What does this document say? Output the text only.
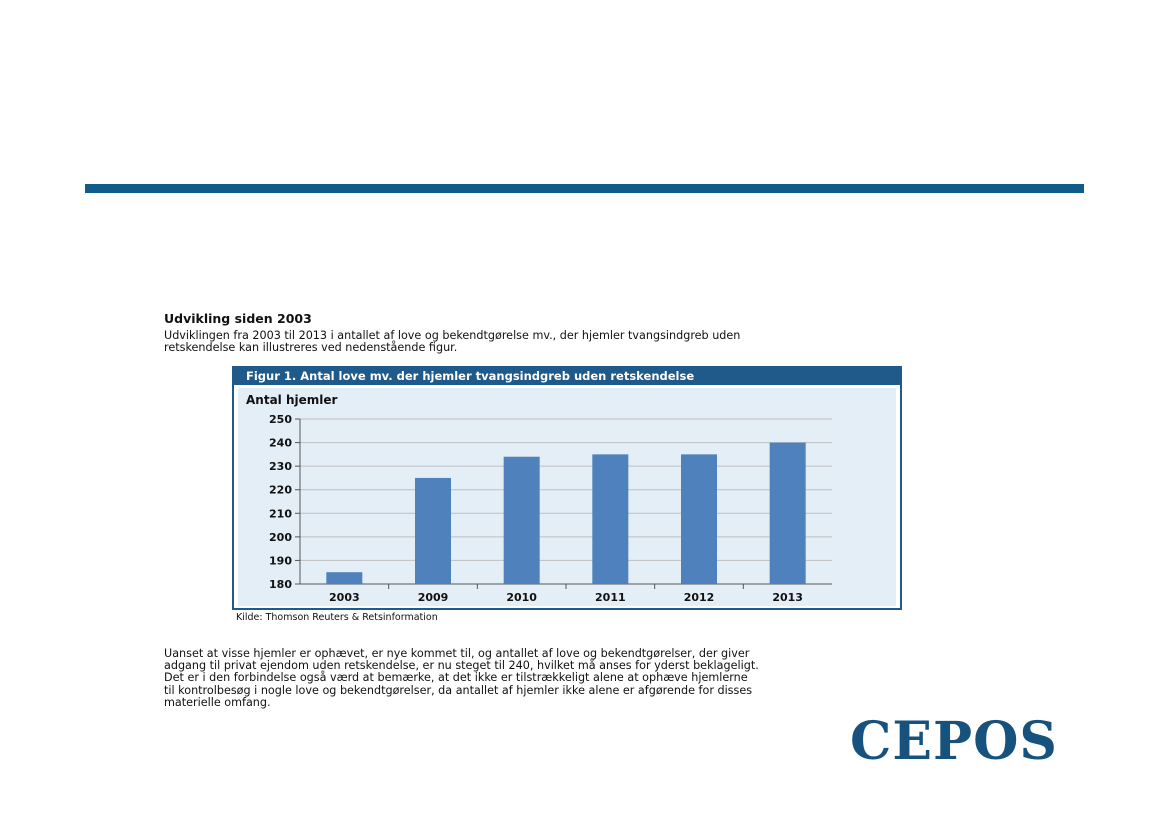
Udvikling siden 2003

Udviklingen fra 2003 til 2013 i antallet af love og bekendtgørelse mv., der hjemler tvangsindgreb uden
retskendelse kan illustreres ved nedenstående figur.

Figur 1. Antal love mv. der hjemler tvangsindgreb uden retskendelse
Antal hjemler
180
190
200
210
220
230
240
250
2003	2009	2010	2011	2012	2013

Kilde: Thomson Reuters & Retsinformation

Uanset at visse hjemler er ophævet, er nye kommet til, og antallet af love og bekendtgørelser, der giver
adgang til privat ejendom uden retskendelse, er nu steget til 240, hvilket må anses for yderst beklageligt.
Det er i den forbindelse også værd at bemærke, at det ikke er tilstrækkeligt alene at ophæve hjemlerne
til kontrolbesøg i nogle love og bekendtgørelser, da antallet af hjemler ikke alene er afgørende for disses
materielle omfang.

CEPOS
